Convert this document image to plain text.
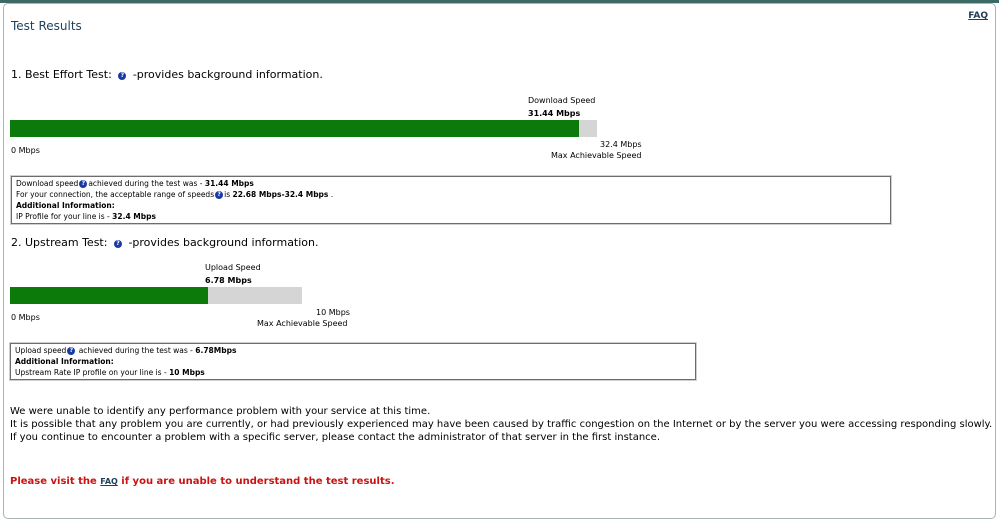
Test Results
FAQ
1. Best Effort Test: ? -provides background information.
Download Speed
31.44 Mbps
0 Mbps
32.4 Mbps
Max Achievable Speed
Download speed ? achieved during the test was - 31.44 Mbps
For your connection, the acceptable range of speeds ? is 22.68 Mbps-32.4 Mbps .
Additional Information:
IP Profile for your line is - 32.4 Mbps
2. Upstream Test: ? -provides background information.
Upload Speed
6.78 Mbps
0 Mbps
10 Mbps
Max Achievable Speed
Upload speed ? achieved during the test was - 6.78Mbps
Additional Information:
Upstream Rate IP profile on your line is - 10 Mbps
We were unable to identify any performance problem with your service at this time.
It is possible that any problem you are currently, or had previously experienced may have been caused by traffic congestion on the Internet or by the server you were accessing responding slowly.
If you continue to encounter a problem with a specific server, please contact the administrator of that server in the first instance.
Please visit the FAQ if you are unable to understand the test results.
